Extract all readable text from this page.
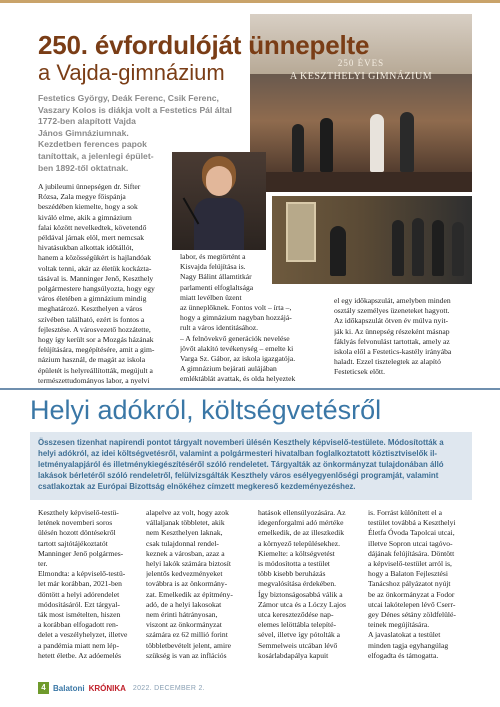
250 ÉVES
A KESZTHELYI GIMNÁZIUM
250. évfordulóját ünnepelte
a Vajda-gimnázium
Festetics György, Deák Ferenc, Csik Ferenc,
Vaszary Kolos is diákja volt a Festetics Pál által
1772-ben alapított Vajda
János Gimnáziumnak.
Kezdetben ferences papok
tanítottak, a jelenlegi épület-
ben 1892-től oktatnak.
A jubileumi ünnepségen dr. Sifter
Rózsa, Zala megye főispánja
beszédében kiemelte, hogy a sok
kiváló elme, akik a gimnázium
falai között nevelkedtek, követendő
példával járnak elöl, mert nemcsak
hivatásukban alkottak időtállót,
hanem a közösségükért is hajlandóak
voltak tenni, akár az életük kockázta-
tásával is. Manninger Jenő, Keszthely
polgármestere hangsúlyozta, hogy egy
város életében a gimnázium mindig
meghatározó. Keszthelyen a város
szívében található, ezért is fontos a
fejlesztése. A városvezető hozzátette,
hogy így került sor a Mozgás házának
felújítására, megépítésére, amit a gim-
názium használ, de magát az iskola
épületét is helyreállították, megújult a
természettudományos labor, a nyelvi
labor, és megtörtént a
Kisvajda felújítása is.
Nagy Bálint államtitkár
parlamenti elfoglaltsága
miatt levélben üzent
az ünneplőknek. Fontos volt – írta –,
hogy a gimnázium nagyban hozzájá-
rult a város identitásához.
– A felnövekvő generációk nevelése
jövőt alakító tevékenység – emelte ki
Varga Sz. Gábor, az iskola igazgatója.
A gimnázium bejárati aulájában
emléktáblát avattak, és olda helyeztek
el egy időkapszulát, amelyben minden
osztály személyes üzeneteket hagyott.
Az időkapszulát ötven év múlva nyit-
ják ki. Az ünnepség részeként másnap
fáklyás felvonulást tartottak, amely az
iskola elől a Festetics-kastély irányába
haladt. Ezzel tisztelegtek az alapító
Festeticsek előtt.
Helyi adókról, költségvetésről
Összesen tizenhat napirendi pontot tárgyalt novemberi ülésén Keszthely képviselő-testülete. Módosították a
helyi adókról, az idei költségvetésről, valamint a polgármesteri hivatalban foglalkoztatott köztisztviselők il-
letményalapjáról és illetménykiegészítéséről szóló rendeletet. Tárgyalták az önkormányzat tulajdonában álló
lakások bérletéről szóló rendeletről, felülvizsgálták Keszthely város esélyegyenlőségi programját, valamint
csatlakoztak az Európai Bizottság elnökéhez címzett megkereső kezdeményezéshez.
Keszthely képviselő-testü-
letének novemberi soros
ülésén hozott döntésekről
tartott sajtótájékoztatót
Manninger Jenő polgármes-
ter.
Elmondta: a képviselő-testü-
let már korábban, 2021-ben
döntött a helyi adórendelet
módosításáról. Ezt tárgyal-
ták most ismételten, hiszen
a korábban elfogadott ren-
delet a veszélyhelyzet, illetve
a pandémia miatt nem lép-
hetett életbe. Az adóemelés
alapelve az volt, hogy azok
vállaljanak többletet, akik
nem Keszthelyen laknak,
csak tulajdonnal rendel-
keznek a városban, azaz a
helyi lakók számára biztosít
jelentős kedvezményeket
továbbra is az önkormány-
zat. Emelkedik az építmény-
adó, de a helyi lakosokat
nem érinti hátrányosan,
viszont az önkormányzat
számára ez 62 millió forint
többletbevételt jelent, amire
szükség is van az inflációs
hatások ellensúlyozására. Az
idegenforgalmi adó mértéke
emelkedik, de az illeszkedik
a környező településekhez.
Kiemelte: a költségvetést
is módosította a testület
több kisebb beruházás
megvalósítása érdekében.
Így biztonságosabbá válik a
Zámor utca és a Lóczy Lajos
utca kereszteződése nap-
elemes lelöttábla telepíté-
sével, illetve így pótolták a
Semmelweis utcában lévő
kosárlabdapálya kapuit
is. Forrást különített el a
testület továbbá a Keszthelyi
Életfa Óvoda Tapolcai utcai,
illetve Sopron utcai tagóvo-
dájának felújítására. Döntött
a képviselő-testület arról is,
hogy a Balaton Fejlesztési
Tanácshoz pályázatot nyújt
be az önkormányzat a Fodor
utcai lakótelepen lévő Cserr-
gey Dénes sétány zöldfelülé-
teinek megújítására.
A javaslatokat a testület
minden tagja egyhangúlag
elfogadta és támogatta.
4 Balatoni KRÓNIKA 2022. DECEMBER 2.
